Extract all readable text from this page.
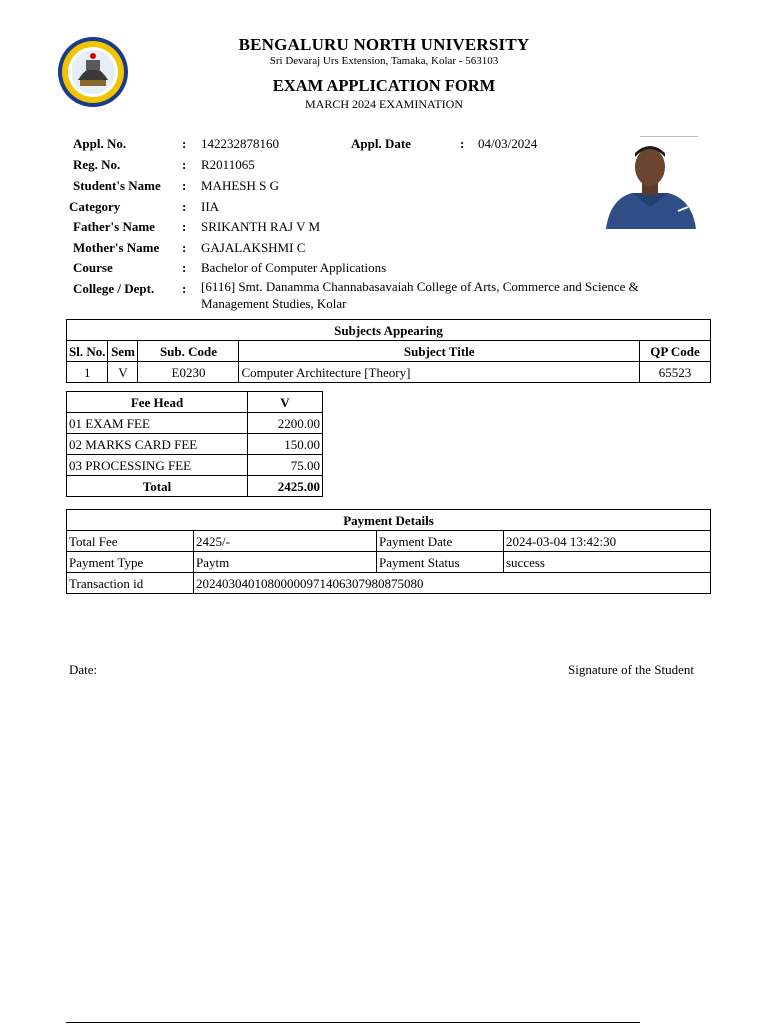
BENGALURU NORTH UNIVERSITY
Sri Devaraj Urs Extension, Tamaka, Kolar - 563103
EXAM APPLICATION FORM
MARCH 2024 EXAMINATION
Appl. No.	: 142232878160	Appl. Date	: 04/03/2024
Reg. No.	: R2011065
Student's Name : MAHESH S G
Category	: IIA
Father's Name : SRIKANTH RAJ V M
Mother's Name : GAJALAKSHMI C
Course	: Bachelor of Computer Applications
College / Dept. : [6116] Smt. Danamma Channabasavaiah College of Arts, Commerce and Science &
Management Studies, Kolar
Subjects Appearing				
Sl. No.	Sem	Sub. Code	Subject Title	QP Code
1	V	E0230	Computer Architecture [Theory]	65523
Fee Head	V
01 EXAM FEE	2200.00
02 MARKS CARD FEE	150.00
03 PROCESSING FEE	75.00
Total	2425.00
Payment Details			
Total Fee	2425/-	Payment Date	2024-03-04 13:42:30
Payment Type	Paytm	Payment Status	success
Transaction id	20240304010800000971406307980875080		
Date:	Signature of the Student
